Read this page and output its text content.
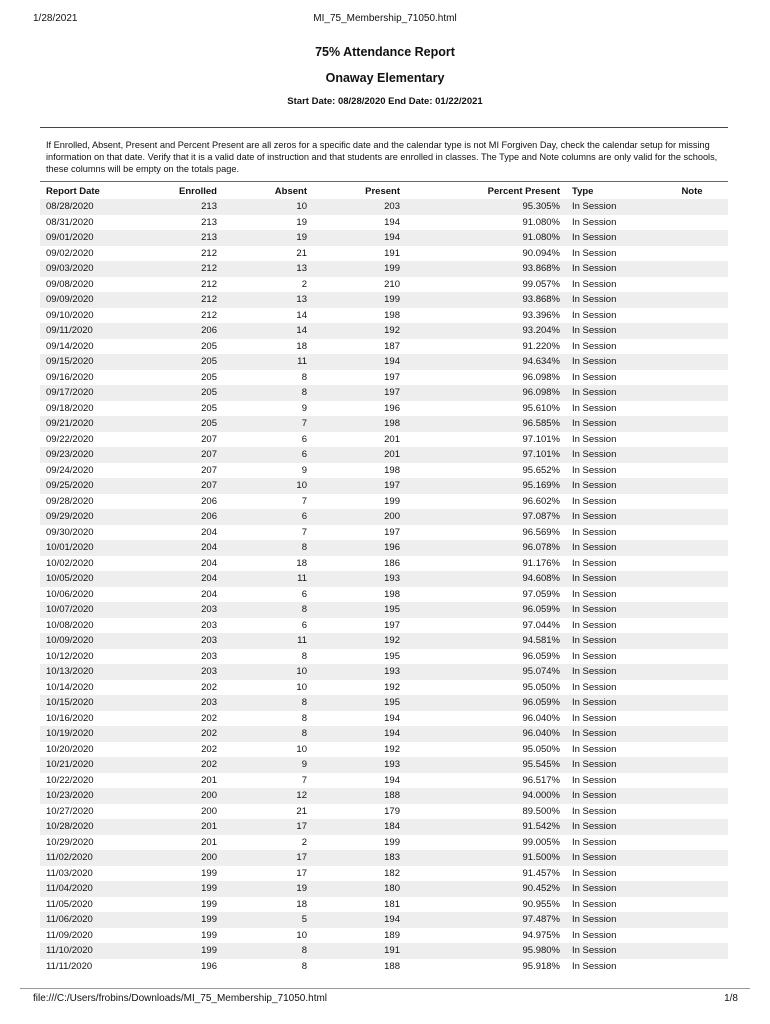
1/28/2021	MI_75_Membership_71050.html
75% Attendance Report
Onaway Elementary
Start Date: 08/28/2020 End Date: 01/22/2021
If Enrolled, Absent, Present and Percent Present are all zeros for a specific date and the calendar type is not MI Forgiven Day, check the calendar setup for missing information on that date. Verify that it is a valid date of instruction and that students are enrolled in classes. The Type and Note columns are only valid for the schools, these columns will be empty on the totals page.
Report Date	Enrolled	Absent	Present	Percent Present	Type	Note
08/28/2020	213	10	203	95.305%	In Session	
08/31/2020	213	19	194	91.080%	In Session	
09/01/2020	213	19	194	91.080%	In Session	
09/02/2020	212	21	191	90.094%	In Session	
09/03/2020	212	13	199	93.868%	In Session	
09/08/2020	212	2	210	99.057%	In Session	
09/09/2020	212	13	199	93.868%	In Session	
09/10/2020	212	14	198	93.396%	In Session	
09/11/2020	206	14	192	93.204%	In Session	
09/14/2020	205	18	187	91.220%	In Session	
09/15/2020	205	11	194	94.634%	In Session	
09/16/2020	205	8	197	96.098%	In Session	
09/17/2020	205	8	197	96.098%	In Session	
09/18/2020	205	9	196	95.610%	In Session	
09/21/2020	205	7	198	96.585%	In Session	
09/22/2020	207	6	201	97.101%	In Session	
09/23/2020	207	6	201	97.101%	In Session	
09/24/2020	207	9	198	95.652%	In Session	
09/25/2020	207	10	197	95.169%	In Session	
09/28/2020	206	7	199	96.602%	In Session	
09/29/2020	206	6	200	97.087%	In Session	
09/30/2020	204	7	197	96.569%	In Session	
10/01/2020	204	8	196	96.078%	In Session	
10/02/2020	204	18	186	91.176%	In Session	
10/05/2020	204	11	193	94.608%	In Session	
10/06/2020	204	6	198	97.059%	In Session	
10/07/2020	203	8	195	96.059%	In Session	
10/08/2020	203	6	197	97.044%	In Session	
10/09/2020	203	11	192	94.581%	In Session	
10/12/2020	203	8	195	96.059%	In Session	
10/13/2020	203	10	193	95.074%	In Session	
10/14/2020	202	10	192	95.050%	In Session	
10/15/2020	203	8	195	96.059%	In Session	
10/16/2020	202	8	194	96.040%	In Session	
10/19/2020	202	8	194	96.040%	In Session	
10/20/2020	202	10	192	95.050%	In Session	
10/21/2020	202	9	193	95.545%	In Session	
10/22/2020	201	7	194	96.517%	In Session	
10/23/2020	200	12	188	94.000%	In Session	
10/27/2020	200	21	179	89.500%	In Session	
10/28/2020	201	17	184	91.542%	In Session	
10/29/2020	201	2	199	99.005%	In Session	
11/02/2020	200	17	183	91.500%	In Session	
11/03/2020	199	17	182	91.457%	In Session	
11/04/2020	199	19	180	90.452%	In Session	
11/05/2020	199	18	181	90.955%	In Session	
11/06/2020	199	5	194	97.487%	In Session	
11/09/2020	199	10	189	94.975%	In Session	
11/10/2020	199	8	191	95.980%	In Session	
11/11/2020	196	8	188	95.918%	In Session	
file:///C:/Users/frobins/Downloads/MI_75_Membership_71050.html	1/8
